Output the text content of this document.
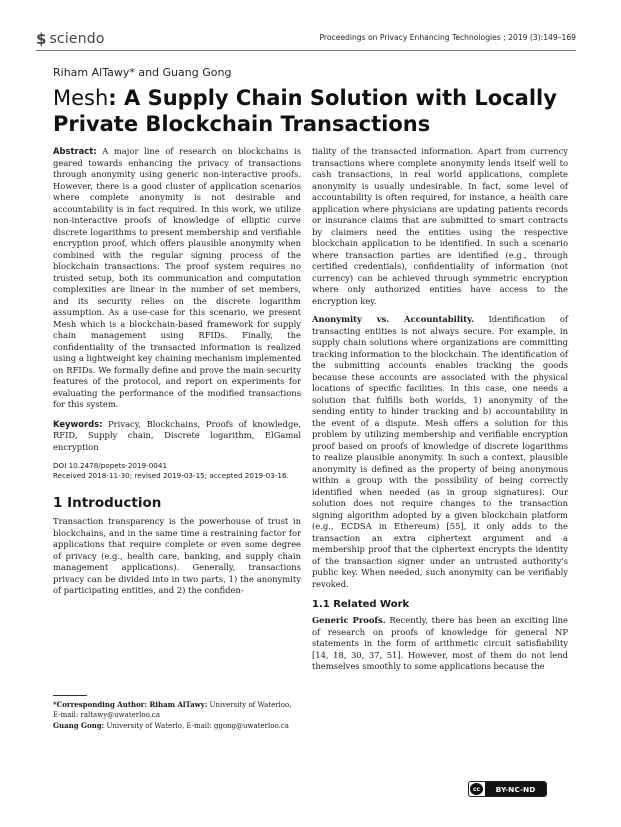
$ sciendo	Proceedings on Privacy Enhancing Technologies ; 2019 (3):149–169
Riham AlTawy* and Guang Gong
Mesh: A Supply Chain Solution with Locally Private Blockchain Transactions

Abstract: A major line of research on blockchains is geared towards enhancing the privacy of transactions through anonymity using generic non-interactive proofs. However, there is a good cluster of application scenarios where complete anonymity is not desirable and accountability is in fact required. In this work, we utilize non-interactive proofs of knowledge of elliptic curve discrete logarithms to present membership and verifiable encryption proof, which offers plausible anonymity when combined with the regular signing process of the blockchain transactions. The proof system requires no trusted setup, both its communication and computation complexities are linear in the number of set members, and its security relies on the discrete logarithm assumption. As a use-case for this scenario, we present Mesh which is a blockchain-based framework for supply chain management using RFIDs. Finally, the confidentiality of the transacted information is realized using a lightweight key chaining mechanism implemented on RFIDs. We formally define and prove the main security features of the protocol, and report on experiments for evaluating the performance of the modified transactions for this system.

Keywords: Privacy, Blockchains, Proofs of knowledge, RFID, Supply chain, Discrete logarithm, ElGamal encryption

DOI 10.2478/popets-2019-0041
Received 2018-11-30; revised 2019-03-15; accepted 2019-03-16.
1 Introduction

Transaction transparency is the powerhouse of trust in blockchains, and in the same time a restraining factor for applications that require complete or even some degree of privacy (e.g., health care, banking, and supply chain management applications). Generally, transactions privacy can be divided into in two parts, 1) the anonymity of participating entities, and 2) the confiden-

tiality of the transacted information. Apart from currency transactions where complete anonymity lends itself well to cash transactions, in real world applications, complete anonymity is usually undesirable. In fact, some level of accountability is often required, for instance, a health care application where physicians are updating patients records or insurance claims that are submitted to smart contracts by claimers need the entities using the respective blockchain application to be identified. In such a scenario where transaction parties are identified (e.g., through certified credentials), confidentiality of information (not currency) can be achieved through symmetric encryption where only authorized entities have access to the encryption key.

Anonymity vs. Accountability. Identification of transacting entities is not always secure. For example, in supply chain solutions where organizations are committing tracking information to the blockchain. The identification of the submitting accounts enables tracking the goods because these accounts are associated with the physical locations of specific facilities. In this case, one needs a solution that fulfills both worlds, 1) anonymity of the sending entity to hinder tracking and b) accountability in the event of a dispute. Mesh offers a solution for this problem by utilizing membership and verifiable encryption proof based on proofs of knowledge of discrete logarithms to realize plausible anonymity. In such a context, plausible anonymity is defined as the property of being anonymous within a group with the possibility of being correctly identified when needed (as in group signatures). Our solution does not require changes to the transaction signing algorithm adopted by a given blockchain platform (e.g., ECDSA in Ethereum) [55], it only adds to the transaction an extra ciphertext argument and a membership proof that the ciphertext encrypts the identity of the transaction signer under an untrusted authority's public key. When needed, such anonymity can be verifiably revoked.

1.1 Related Work

Generic Proofs. Recently, there has been an exciting line of research on proofs of knowledge for general NP statements in the form of arithmetic circuit satisfiability [14, 18, 30, 37, 51]. However, most of them do not lend themselves smoothly to some applications because the

*Corresponding Author: Riham AlTawy: University of Waterloo, E-mail: raltawy@uwaterloo.ca

Guang Gong: University of Waterlo, E-mail: ggong@uwaterloo.ca

cc	BY-NC-ND
